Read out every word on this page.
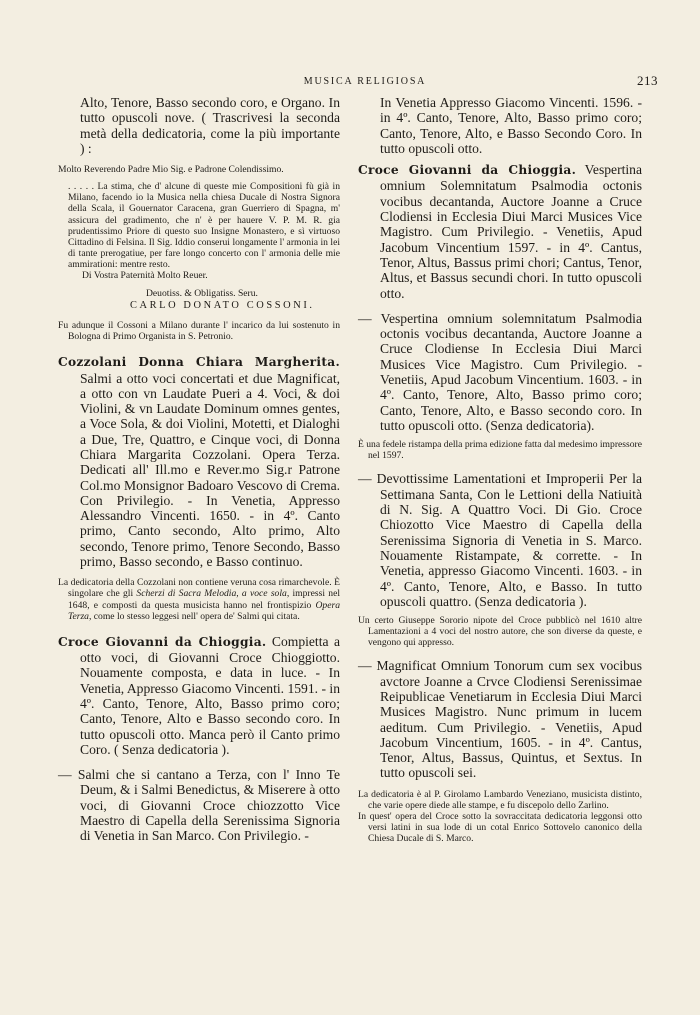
MUSICA RELIGIOSA	213

Alto, Tenore, Basso secondo coro, e Organo. In tutto opuscoli nove. ( Trascrivesi la seconda metà della dedicatoria, come la più importante ) :

Molto Reverendo Padre Mio Sig. e Padrone Colendissimo.

. . . . . La stima, che d' alcune di queste mie Compositioni fù già in Milano, facendo io la Musica nella chiesa Ducale di Nostra Signora della Scala, il Gouernator Caracena, gran Guerriero di Spagna, m' assicura del gradimento, che n' è per hauere V. P. M. R. gia prudentissimo Priore di questo suo Insigne Monastero, e sì virtuoso Cittadino di Felsina. Il Sig. Iddio conserui longamente l' armonia in lei di tante prerogatiue, per fare longo concerto con l' armonia delle mie ammirationi: mentre resto.

Di Vostra Paternità Molto Reuer.

Deuotiss. & Obligatiss. Seru.

CARLO DONATO COSSONI.

Fu adunque il Cossoni a Milano durante l' incarico da lui sostenuto in Bologna di Primo Organista in S. Petronio.

Cozzolani Donna Chiara Margherita. Salmi a otto voci concertati et due Magnificat, a otto con vn Laudate Pueri a 4. Voci, & doi Violini, & vn Laudate Dominum omnes gentes, a Voce Sola, & doi Violini, Motetti, et Dialoghi a Due, Tre, Quattro, e Cinque voci, di Donna Chiara Margarita Cozzolani. Opera Terza. Dedicati all' Ill.mo e Rever.mo Sig.r Patrone Col.mo Monsignor Badoaro Vescovo di Crema. Con Privilegio. - In Venetia, Appresso Alessandro Vincenti. 1650. - in 4º. Canto primo, Canto secondo, Alto primo, Alto secondo, Tenore primo, Tenore Secondo, Basso primo, Basso secondo, e Basso continuo.

La dedicatoria della Cozzolani non contiene veruna cosa rimarchevole. È singolare che gli Scherzi di Sacra Melodia, a voce sola, impressi nel 1648, e composti da questa musicista hanno nel frontispizio Opera Terza, come lo stesso leggesi nell' opera de' Salmi qui citata.

Croce Giovanni da Chioggia. Compietta a otto voci, di Giovanni Croce Chioggiotto. Nouamente composta, e data in luce. - In Venetia, Appresso Giacomo Vincenti. 1591. - in 4º. Canto, Tenore, Alto, Basso primo coro; Canto, Tenore, Alto e Basso secondo coro. In tutto opuscoli otto. Manca però il Canto primo Coro. ( Senza dedicatoria ).

— Salmi che si cantano a Terza, con l' Inno Te Deum, & i Salmi Benedictus, & Miserere à otto voci, di Giovanni Croce chiozzotto Vice Maestro di Capella della Serenissima Signoria di Venetia in San Marco. Con Privilegio. -

In Venetia Appresso Giacomo Vincenti. 1596. - in 4º. Canto, Tenore, Alto, Basso primo coro; Canto, Tenore, Alto, e Basso Secondo Coro. In tutto opuscoli otto.

Croce Giovanni da Chioggia. Vespertina omnium Solemnitatum Psalmodia octonis vocibus decantanda, Auctore Joanne a Cruce Clodiensi in Ecclesia Diui Marci Musices Vice Magistro. Cum Privilegio. - Venetiis, Apud Jacobum Vincentium 1597. - in 4º. Cantus, Tenor, Altus, Bassus primi chori; Cantus, Tenor, Altus, et Bassus secundi chori. In tutto opuscoli otto.

— Vespertina omnium solemnitatum Psalmodia octonis vocibus decantanda, Auctore Joanne a Cruce Clodiense In Ecclesia Diui Marci Musices Vice Magistro. Cum Privilegio. - Venetiis, Apud Jacobum Vincentium. 1603. - in 4º. Canto, Tenore, Alto, Basso primo coro; Canto, Tenore, Alto, e Basso secondo coro. In tutto opuscoli otto. (Senza dedicatoria).

È una fedele ristampa della prima edizione fatta dal medesimo impressore nel 1597.

— Devottissime Lamentationi et Improperii Per la Settimana Santa, Con le Lettioni della Natiuità di N. Sig. A Quattro Voci. Di Gio. Croce Chiozotto Vice Maestro di Capella della Serenissima Signoria di Venetia in S. Marco. Nouamente Ristampate, & corrette. - In Venetia, appresso Giacomo Vincenti. 1603. - in 4º. Canto, Tenore, Alto, e Basso. In tutto opuscoli quattro. (Senza dedicatoria ).

Un certo Giuseppe Sororio nipote del Croce pubblicò nel 1610 altre Lamentazioni a 4 voci del nostro autore, che son diverse da queste, e vengono qui appresso.

— Magnificat Omnium Tonorum cum sex vocibus avctore Joanne a Crvce Clodiensi Serenissimae Reipublicae Venetiarum in Ecclesia Diui Marci Musices Magistro. Nunc primum in lucem aeditum. Cum Privilegio. - Venetiis, Apud Jacobum Vincentium, 1605. - in 4º. Cantus, Tenor, Altus, Bassus, Quintus, et Sextus. In tutto opuscoli sei.

La dedicatoria è al P. Girolamo Lambardo Veneziano, musicista distinto, che varie opere diede alle stampe, e fu discepolo dello Zarlino.

In quest' opera del Croce sotto la sovraccitata dedicatoria leggonsi otto versi latini in sua lode di un cotal Enrico Sottovelo canonico della Chiesa Ducale di S. Marco.
